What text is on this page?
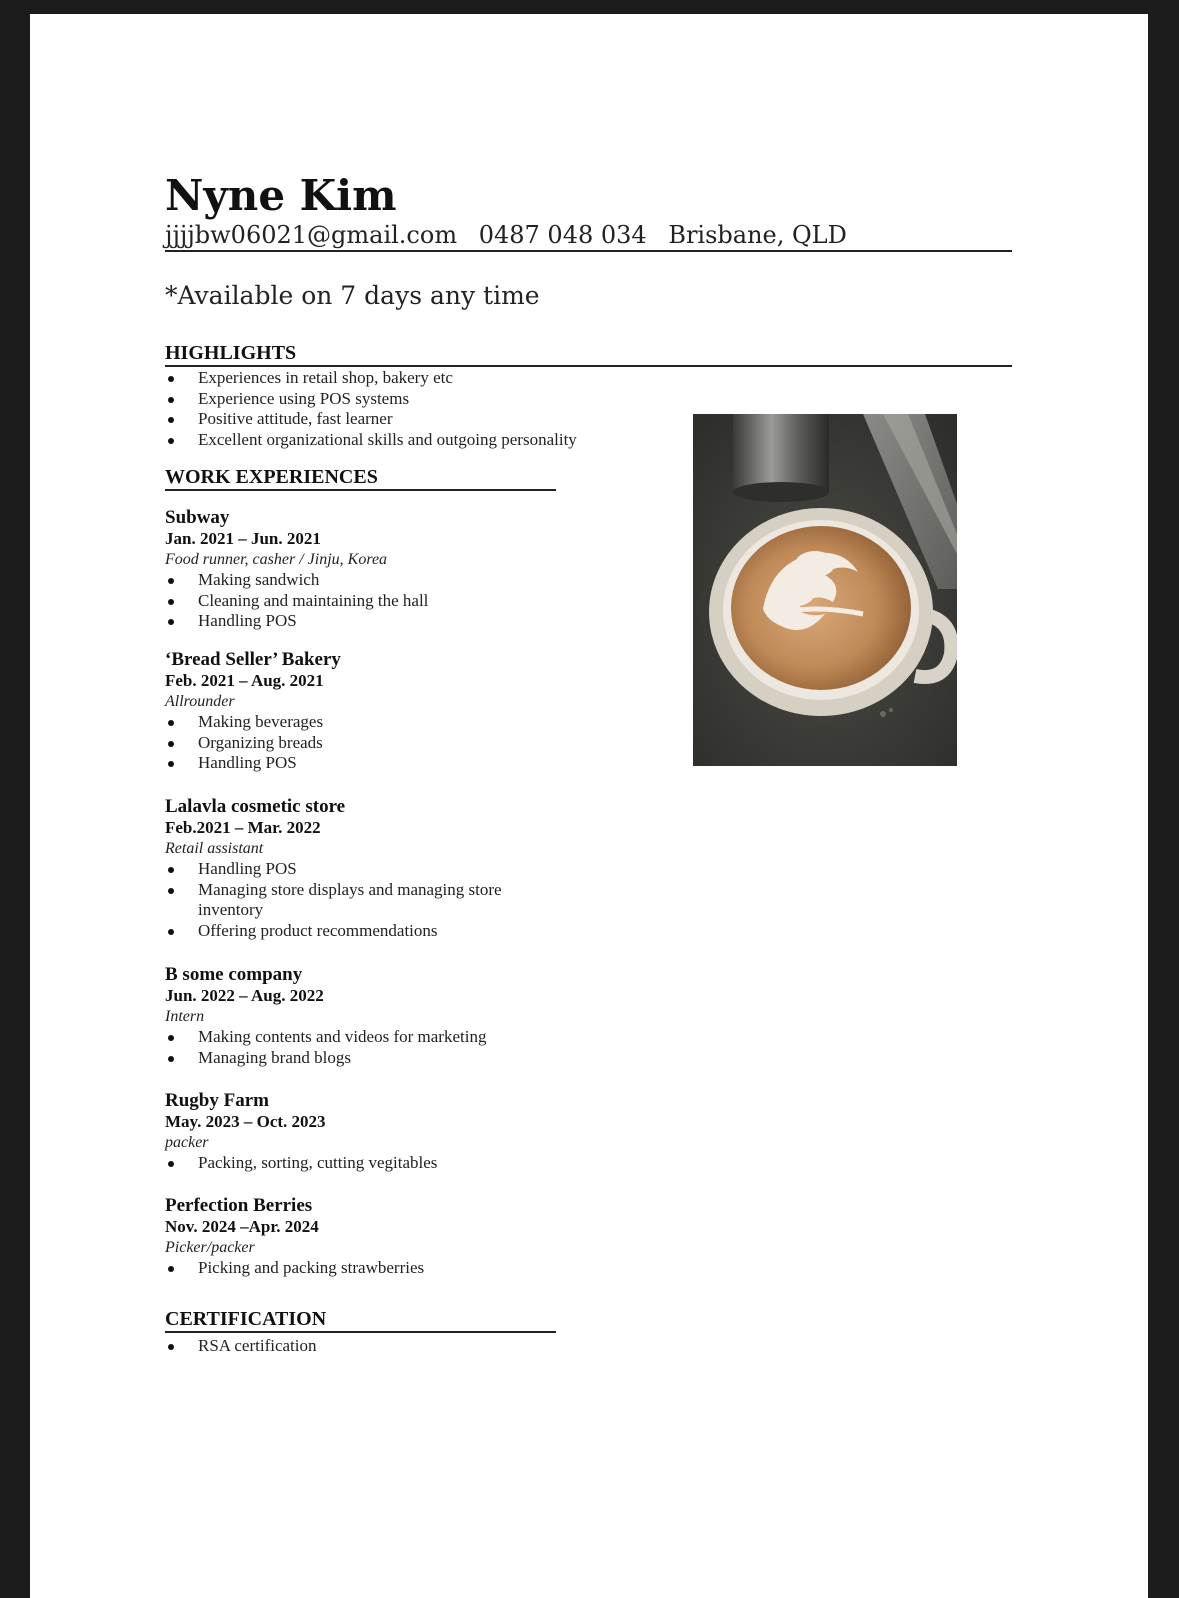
Nyne Kim
jjjjbw06021@gmail.com 0487 048 034 Brisbane, QLD
*Available on 7 days any time
HIGHLIGHTS
Experiences in retail shop, bakery etc
Experience using POS systems
Positive attitude, fast learner
Excellent organizational skills and outgoing personality
WORK EXPERIENCES
Subway
Jan. 2021 – Jun. 2021
Food runner, casher / Jinju, Korea
Making sandwich
Cleaning and maintaining the hall
Handling POS
‘Bread Seller’ Bakery
Feb. 2021 – Aug. 2021
Allrounder
Making beverages
Organizing breads
Handling POS
Lalavla cosmetic store
Feb.2021 – Mar. 2022
Retail assistant
Handling POS
Managing store displays and managing store inventory
Offering product recommendations
B some company
Jun. 2022 – Aug. 2022
Intern
Making contents and videos for marketing
Managing brand blogs
Rugby Farm
May. 2023 – Oct. 2023
packer
Packing, sorting, cutting vegitables
Perfection Berries
Nov. 2024 –Apr. 2024
Picker/packer
Picking and packing strawberries
CERTIFICATION
RSA certification
